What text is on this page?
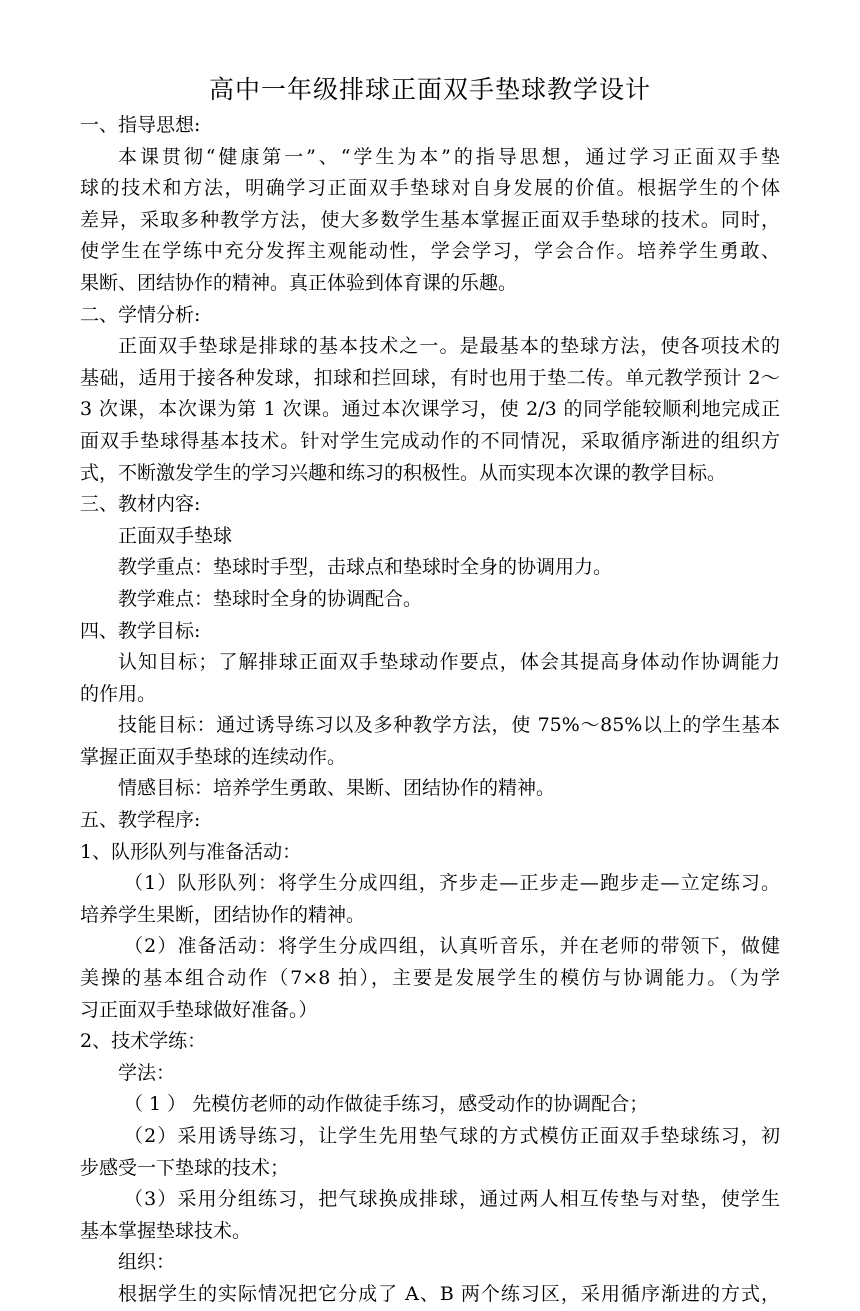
高中一年级排球正面双手垫球教学设计
一、指导思想:
本课贯彻“健康第一”、“学生为本”的指导思想，通过学习正面双手垫
球的技术和方法，明确学习正面双手垫球对自身发展的价值。根据学生的个体
差异，采取多种教学方法，使大多数学生基本掌握正面双手垫球的技术。同时，
使学生在学练中充分发挥主观能动性，学会学习，学会合作。培养学生勇敢、
果断、团结协作的精神。真正体验到体育课的乐趣。
二、学情分析:
正面双手垫球是排球的基本技术之一。是最基本的垫球方法，使各项技术的
基础，适用于接各种发球，扣球和拦回球，有时也用于垫二传。单元教学预计 2～
3 次课，本次课为第 1 次课。通过本次课学习，使 2/3 的同学能较顺利地完成正
面双手垫球得基本技术。针对学生完成动作的不同情况，采取循序渐进的组织方
式，不断激发学生的学习兴趣和练习的积极性。从而实现本次课的教学目标。
三、教材内容:
正面双手垫球
教学重点：垫球时手型，击球点和垫球时全身的协调用力。
教学难点：垫球时全身的协调配合。
四、教学目标:
认知目标；了解排球正面双手垫球动作要点，体会其提高身体动作协调能力
的作用。
技能目标：通过诱导练习以及多种教学方法，使 75%～85%以上的学生基本
掌握正面双手垫球的连续动作。
情感目标：培养学生勇敢、果断、团结协作的精神。
五、教学程序:
1、队形队列与准备活动：
（1）队形队列：将学生分成四组，齐步走—正步走—跑步走—立定练习。
培养学生果断，团结协作的精神。
（2）准备活动：将学生分成四组，认真听音乐，并在老师的带领下，做健
美操的基本组合动作（7×8 拍），主要是发展学生的模仿与协调能力。（为学
习正面双手垫球做好准备。）
2、技术学练：
学法：
（ 1 ） 先模仿老师的动作做徒手练习，感受动作的协调配合；
（2）采用诱导练习，让学生先用垫气球的方式模仿正面双手垫球练习，初
步感受一下垫球的技术；
（3）采用分组练习，把气球换成排球，通过两人相互传垫与对垫，使学生
基本掌握垫球技术。
组织：
根据学生的实际情况把它分成了 A、B 两个练习区，采用循序渐进的方式，
